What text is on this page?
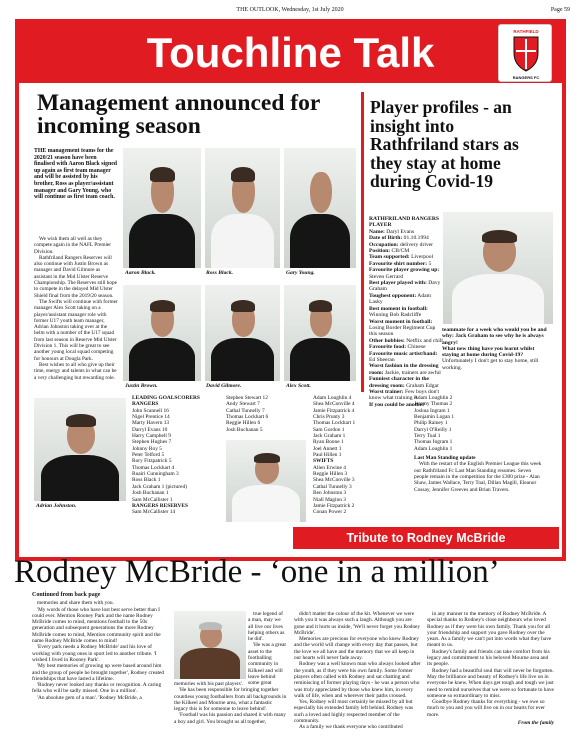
THE OUTLOOK, Wednesday, 1st July 2020	Page 59
Touchline Talk	RATHFIELD
RANGERS FC
Management announced for incoming season

THE management teams for the 2020/21 season have been finalised with Aaron Black signed up again as first team manager and will be assisted by his brother, Ross as player/assistant manager and Gary Young, who will continue as first team coach.

We wish them all well as they compete again in the NAFL Premier Division.

Rathfriland Rangers Reserves will also continue with Justin Brown as manager and David Gilmore as assistant in the Mid Ulster Reserve Championship. The Reserves still hope to compete in the delayed Mid Ulster Shield final from the 2019/20 season.

The Swifts will continue with former manager Alex Scott taking on a player/assistant manager role with former U17 youth team manager, Adrian Johnston taking over at the helm with a number of the U17 squad from last season in Reserve Mid Ulster Division 1. This will be great to see another young local squad competing for honours at Dougla Park.

Best wishes to all who give up their time, energy and talents in what can be a very challenging but rewarding role.

Aaron Black.	Ross Black.	Gary Young.
Justin Brown.	David Gilmore.	Alex Scott.
Adrian Johnston.
Player profiles - an insight into Rathfriland stars as they stay at home during Covid-19
RATHFRILAND RANGERS PLAYER
Name: Daryl Evans
Date of Birth: 01.10.1994
Occupation: delivery driver
Position: CB/CM
Team supported: Liverpool
Favourite shirt number: 5
Favourite player growing up: Steven Gerrard
Best player played with: Davy Graham
Toughest opponent: Adam Lasky
Best moment in football: Winning Bob Radcliffe
Worst moment in football: Losing Border Regiment Cup this season
Other hobbies: Netflix and chill
Favourite food: Chinese
Favourite music artist/band: Ed Sheeran
Worst fashion in the dressing room: Jackie, trainers are awful
Funniest character in the dressing room: Graham Edgar
Worst trainer: Few boys don't know what training is
If you could be another
teammate for a week who would you be and why: Jack Graham to see why he is always angry!
What new thing have you learnt whilst staying at home during Covid-19? Unfortunately I don't get to stay home, still working.
LEADING GOALSCORERS
RANGERS
John Scannell 16
Nigel Prentice 14
Marty Havern 13
Darryl Evans 10
Harry Campbell 9
Stephen Hughes 7
Johnny Roy 5
Peter Telford 5
Rory Fitzpatrick 5
Thomas Lockhart 4
Ruairi Cunningham 3
Ross Black 1
Jack Graham 1 (pictured)
Josh Buchanan 1
Sam McCallister 1
RANGERS RESERVES
Sam McCallister 14
Stephen Stewart 12
Andy Stewart 7
Cathal Tunnelly 7
Thomas Lockhart 6
Reggie Hillen 6
Josh Buchanan 5
Adam Loughlin 4
Shea McConville 4
Jamie Fitzpatrick 4
Chris Prunty 3
Thomas Lockhart 1
Sam Gordon 1
Jack Graham 1
Ryan Boone 1
Joel Annett 1
Paul Hillen 1
SWIFTS
Allen Erwine 4
Reggie Hillen 3
Shea McConville 3
Cathal Tunnelly 3
Ben Johnston 3
Niall Maginn 3
Jamie Fitzpatrick 2
Conan Power 2
Adam Loughlin 2
Jeremy Thomas 2
Joshua Ingram 1
Benjamin Logan 1
Philip Rainey 1
Darryl O'Reilly 1
Terry Toal 1
Thomas Ingram 1
Adam Loughlin 1
Last Man Standing update
With the restart of the English Premier League this week our Rathfriland Fc Last Man Standing resumes. Seven people remain in the competition for the £300 prize - Alan Shaw, James Wallace, Terry Toal, Dillan Magill, Eleanor Cossay, Jennifer Greeves and Brian Travers.
Tribute to Rodney McBride
Rodney McBride - ‘one in a million’
Continued from back page
memories and share them with you.
'My words of those who have lost best serve better than I could ever. Mention Rooney Park and the name Rodney McBride comes to mind, mentions football to the 50s generation and subsequent generations the more Rodney McBride comes to mind, Mention community spirit and the name Rodney McBride comes to mind!
'Every park needs a Rodney McBride' and his love of working with young ones in sport led to another tribute. 'I wished I lived in Rooney Park'.
'My best memories of growing up were based around him and the group of people he brought together', Rodney created friendships that have lasted a lifetime.
'Rodney never looked any thanks or recognition. A caring fella who will be sadly missed. One in a million'.
'An absolute gem of a man'. 'Rodney McBride, a
true legend of a man, may we all live our lives helping others as he did'.
'He was a great asset to the footballing community in Kilkeel and will leave behind some great
memories with his past players'.
'He has been responsible for bringing together countless young footballers from all backgrounds in the Kilkeel and Mourne area, what a fantastic legacy this is for someone to leave behind'.
'Football was his passion and shared it with many a boy and girl. You brought us all together,
didn't matter the colour of the kit. Whenever we were with you it was always such a laugh. Although you are gone and it hurts us inside, 'We'll never forget you Rodney McBride'.
Memories are precious for everyone who knew Rodney and the world will change with every day that passes, but the love we all have and the memory that we all keep in our hearts will never fade away.
Rodney was a well known man who always looked after the youth, as if they were his own family. Some former players often called with Rodney and sat chatting and reminiscing of former playing days - he was a person who was truly appreciated by those who knew him, in every walk of life, when and wherever their paths crossed.
Yes, Rodney will most certainly be missed by all but especially his extended family left behind. Rodney was such a loved and highly respected member of the community.
As a family we thank everyone who contributed
in any manner to the memory of Rodney McBride. A special thanks to Rodney's close neighbours who loved Rodney as if they were his own family. Thank you for all your friendship and support you gave Rodney over the years. As a family we can't put into words what they have meant to us.
Rodney's family and friends can take comfort from his legacy and commitment to his beloved Mourne area and its people.
Rodney had a beautiful soul that will never be forgotten. May the brilliance and beauty of Rodney's life live on in everyone he knew. When days get tough and tough we just need to remind ourselves that we were so fortunate to have someone so extraordinary to miss.
Goodbye Rodney thanks for everything - we owe so much to you and you will live on in our hearts for ever more.
From the family
